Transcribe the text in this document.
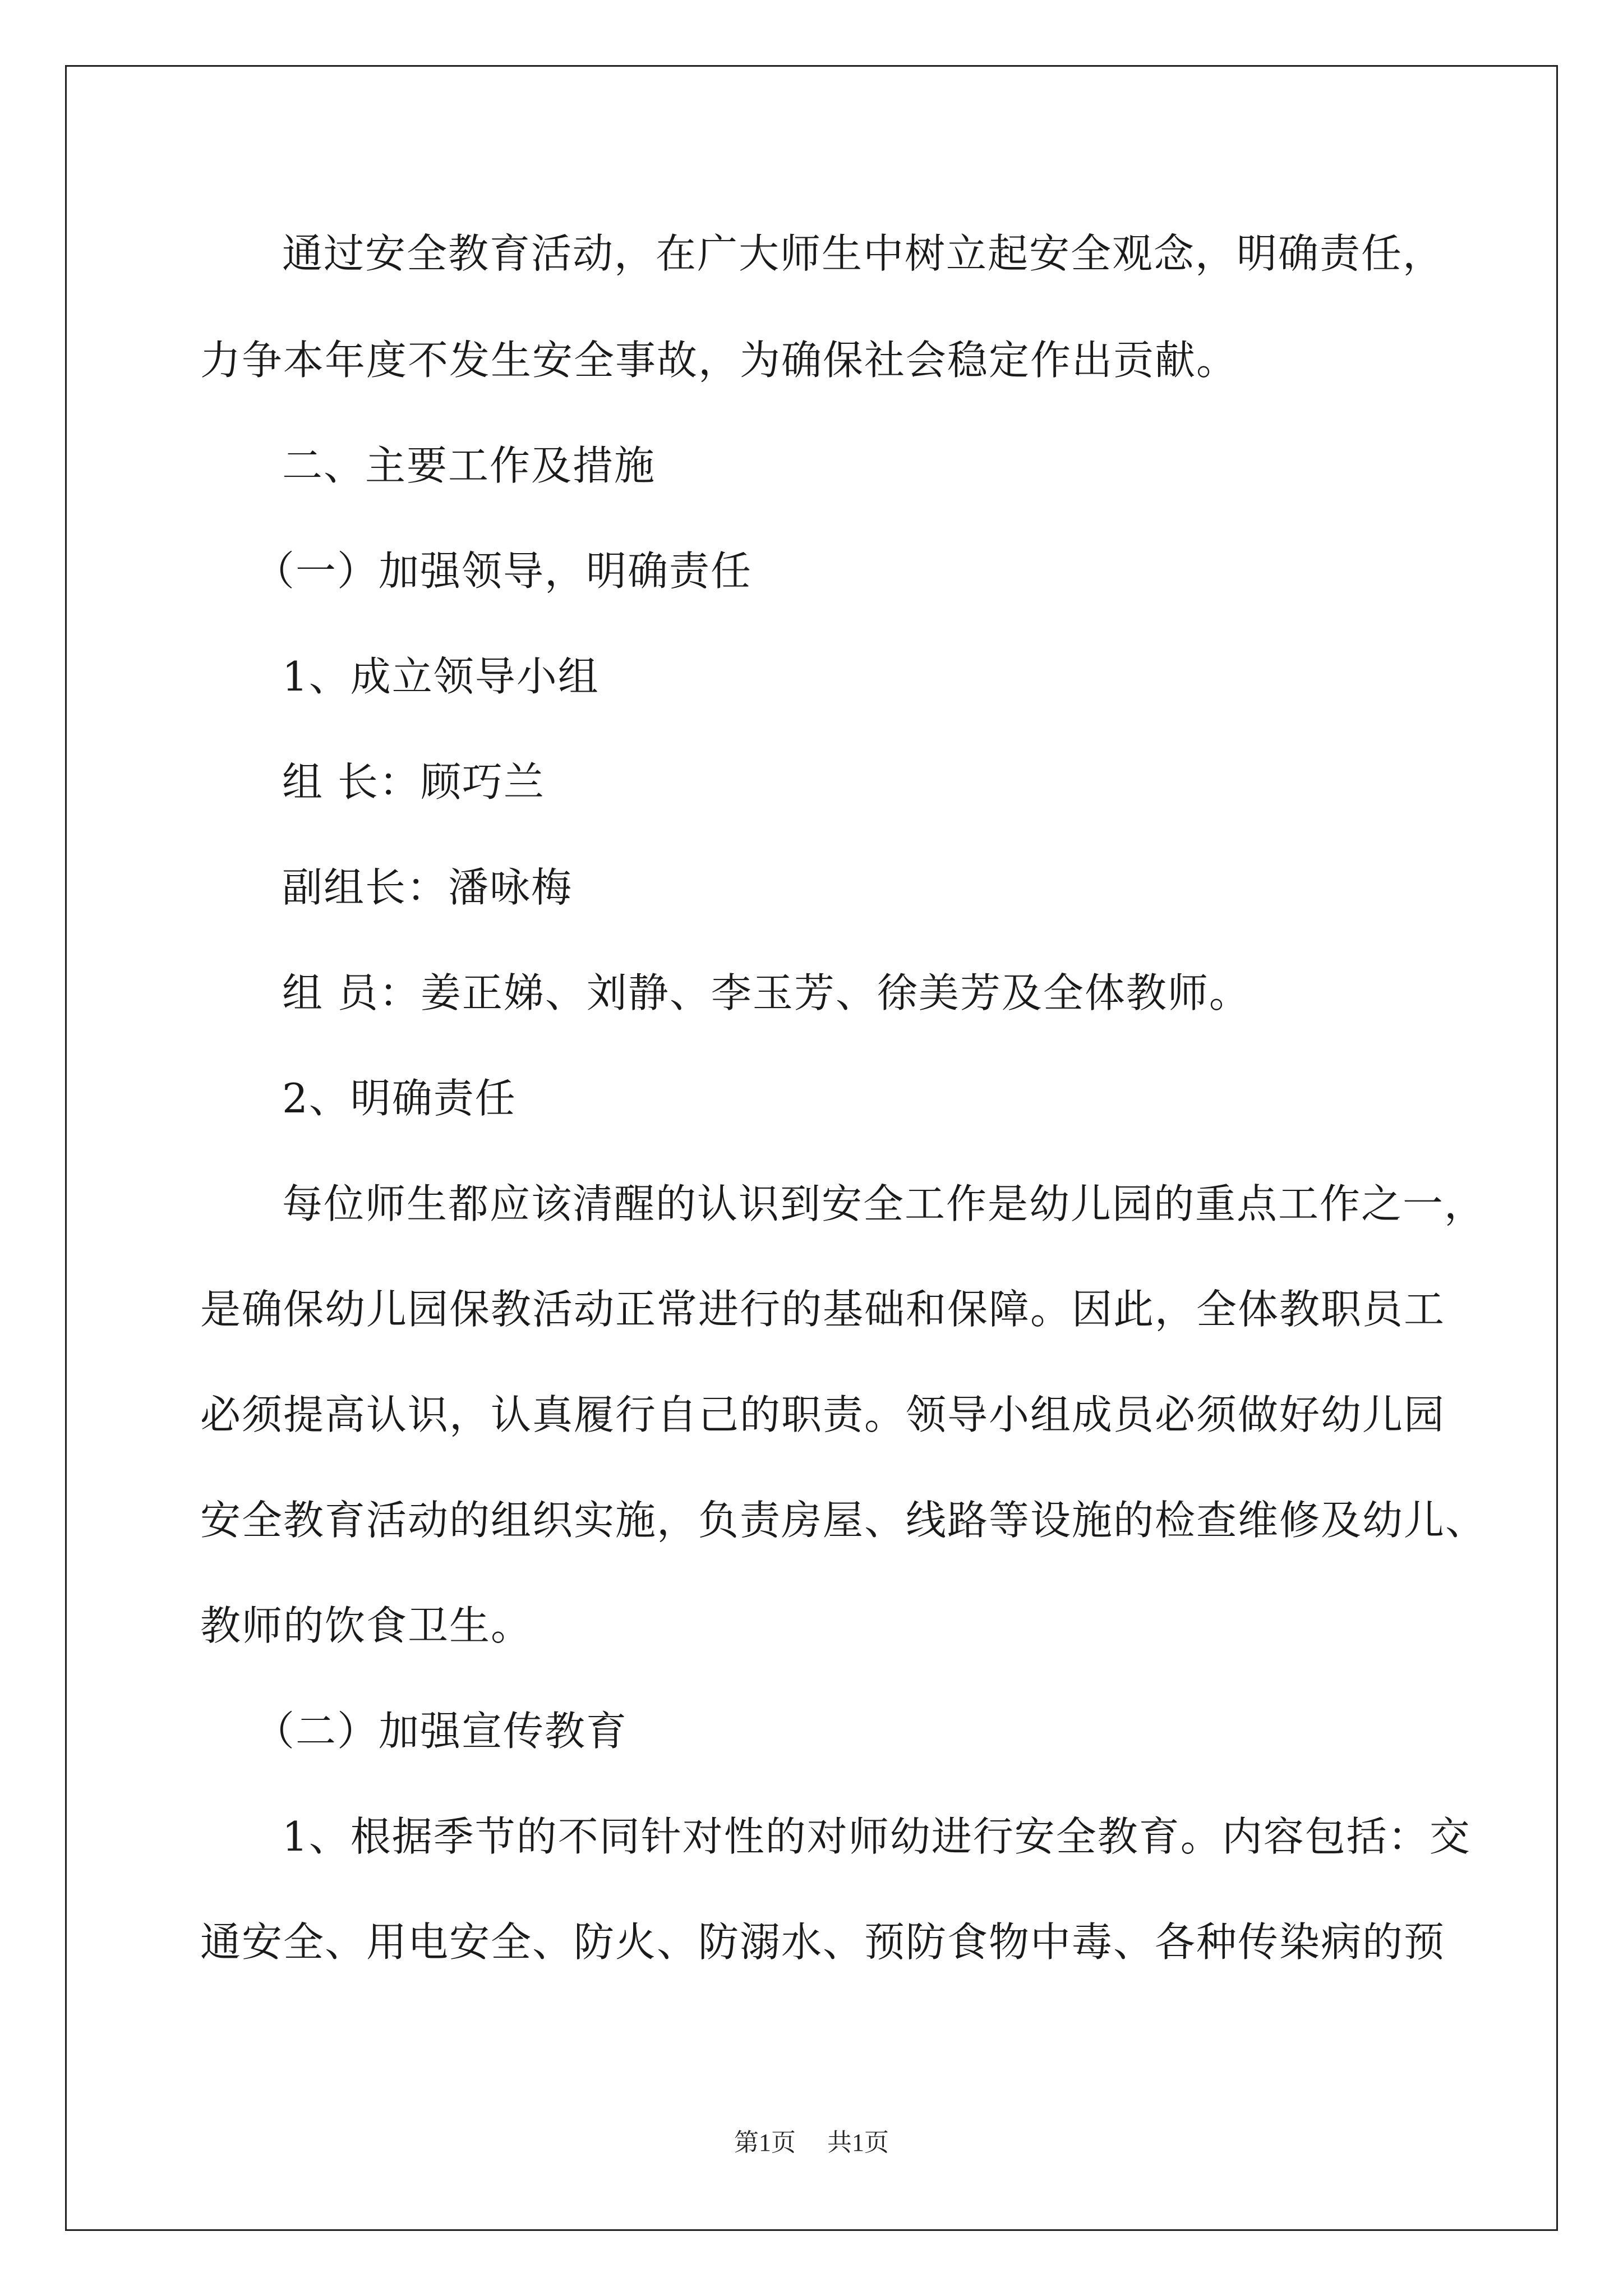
通过安全教育活动，在广大师生中树立起安全观念，明确责任，
力争本年度不发生安全事故，为确保社会稳定作出贡献。
二、主要工作及措施
（一）加强领导，明确责任
1、成立领导小组
组 长：顾巧兰
副组长：潘咏梅
组 员：姜正娣、刘静、李玉芳、徐美芳及全体教师。
2、明确责任
每位师生都应该清醒的认识到安全工作是幼儿园的重点工作之一，
是确保幼儿园保教活动正常进行的基础和保障。因此，全体教职员工
必须提高认识，认真履行自己的职责。领导小组成员必须做好幼儿园
安全教育活动的组织实施，负责房屋、线路等设施的检查维修及幼儿、
教师的饮食卫生。
（二）加强宣传教育
1、根据季节的不同针对性的对师幼进行安全教育。内容包括：交
通安全、用电安全、防火、防溺水、预防食物中毒、各种传染病的预
第1页 共1页
